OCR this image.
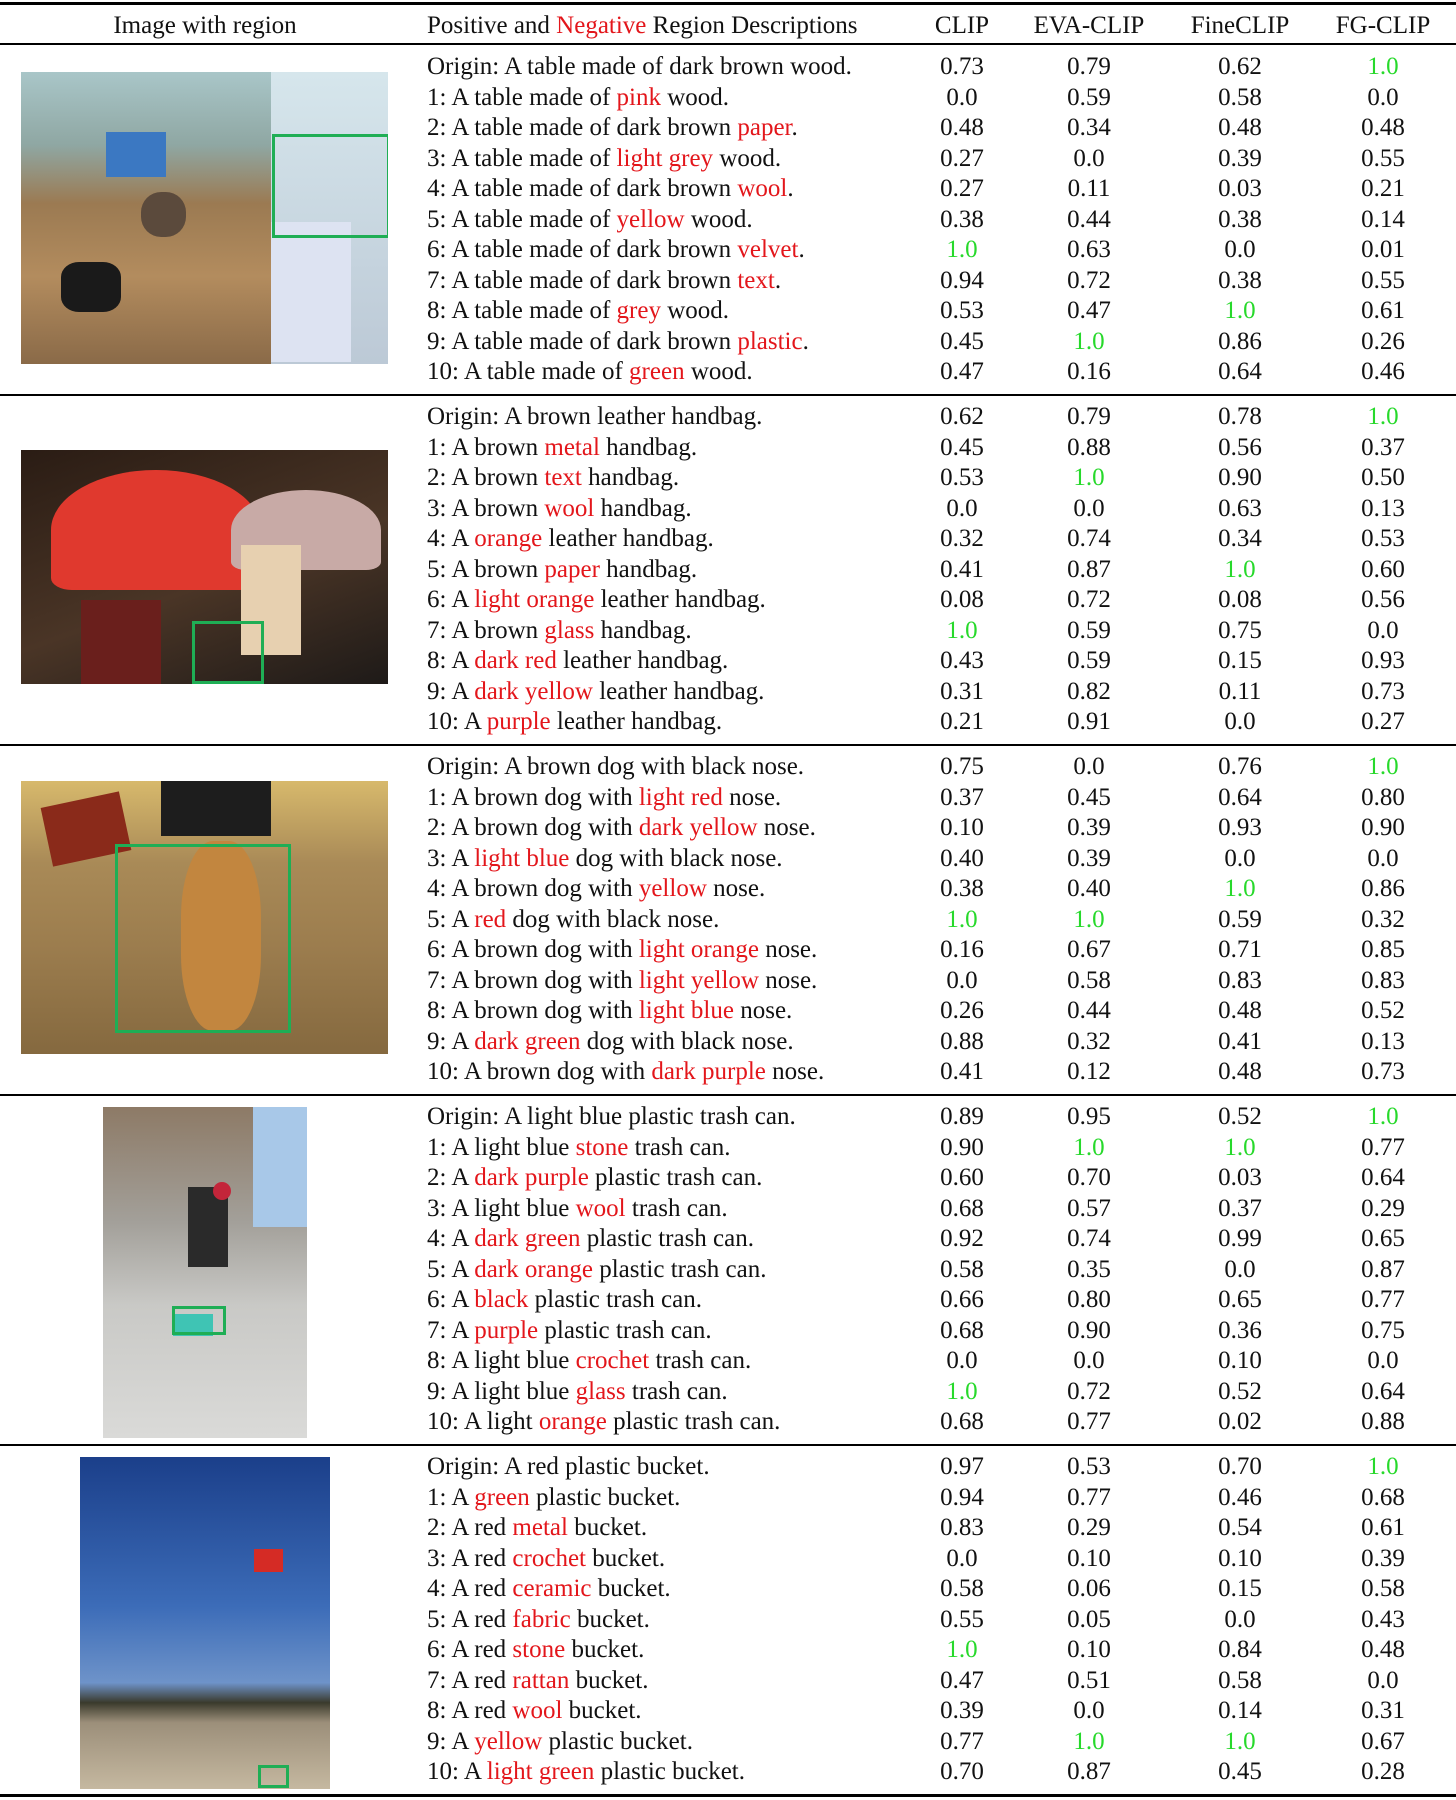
Image with region	Positive and Negative Region Descriptions	CLIP EVA-CLIP FineCLIP FG-CLIP
Origin: A table made of dark brown wood.	0.73	0.79	0.62	1.0
1: A table made of pink wood.	0.0	0.59	0.58	0.0
2: A table made of dark brown paper.	0.48	0.34	0.48	0.48
3: A table made of light grey wood.	0.27	0.0	0.39	0.55
4: A table made of dark brown wool.	0.27	0.11	0.03	0.21
5: A table made of yellow wood.	0.38	0.44	0.38	0.14
6: A table made of dark brown velvet.	1.0	0.63	0.0	0.01
7: A table made of dark brown text.	0.94	0.72	0.38	0.55
8: A table made of grey wood.	0.53	0.47	1.0	0.61
9: A table made of dark brown plastic.	0.45	1.0	0.86	0.26
10: A table made of green wood.	0.47	0.16	0.64	0.46
Origin: A brown leather handbag.	0.62	0.79	0.78	1.0
1: A brown metal handbag.	0.45	0.88	0.56	0.37
2: A brown text handbag.	0.53	1.0	0.90	0.50
3: A brown wool handbag.	0.0	0.0	0.63	0.13
4: A orange leather handbag.	0.32	0.74	0.34	0.53
5: A brown paper handbag.	0.41	0.87	1.0	0.60
6: A light orange leather handbag.	0.08	0.72	0.08	0.56
7: A brown glass handbag.	1.0	0.59	0.75	0.0
8: A dark red leather handbag.	0.43	0.59	0.15	0.93
9: A dark yellow leather handbag.	0.31	0.82	0.11	0.73
10: A purple leather handbag.	0.21	0.91	0.0	0.27
Origin: A brown dog with black nose.	0.75	0.0	0.76	1.0
1: A brown dog with light red nose.	0.37	0.45	0.64	0.80
2: A brown dog with dark yellow nose.	0.10	0.39	0.93	0.90
3: A light blue dog with black nose.	0.40	0.39	0.0	0.0
4: A brown dog with yellow nose.	0.38	0.40	1.0	0.86
5: A red dog with black nose.	1.0	1.0	0.59	0.32
6: A brown dog with light orange nose.	0.16	0.67	0.71	0.85
7: A brown dog with light yellow nose.	0.0	0.58	0.83	0.83
8: A brown dog with light blue nose.	0.26	0.44	0.48	0.52
9: A dark green dog with black nose.	0.88	0.32	0.41	0.13
10: A brown dog with dark purple nose.	0.41	0.12	0.48	0.73
Origin: A light blue plastic trash can.	0.89	0.95	0.52	1.0
1: A light blue stone trash can.	0.90	1.0	1.0	0.77
2: A dark purple plastic trash can.	0.60	0.70	0.03	0.64
3: A light blue wool trash can.	0.68	0.57	0.37	0.29
4: A dark green plastic trash can.	0.92	0.74	0.99	0.65
5: A dark orange plastic trash can.	0.58	0.35	0.0	0.87
6: A black plastic trash can.	0.66	0.80	0.65	0.77
7: A purple plastic trash can.	0.68	0.90	0.36	0.75
8: A light blue crochet trash can.	0.0	0.0	0.10	0.0
9: A light blue glass trash can.	1.0	0.72	0.52	0.64
10: A light orange plastic trash can.	0.68	0.77	0.02	0.88
Origin: A red plastic bucket.	0.97	0.53	0.70	1.0
1: A green plastic bucket.	0.94	0.77	0.46	0.68
2: A red metal bucket.	0.83	0.29	0.54	0.61
3: A red crochet bucket.	0.0	0.10	0.10	0.39
4: A red ceramic bucket.	0.58	0.06	0.15	0.58
5: A red fabric bucket.	0.55	0.05	0.0	0.43
6: A red stone bucket.	1.0	0.10	0.84	0.48
7: A red rattan bucket.	0.47	0.51	0.58	0.0
8: A red wool bucket.	0.39	0.0	0.14	0.31
9: A yellow plastic bucket.	0.77	1.0	1.0	0.67
10: A light green plastic bucket.	0.70	0.87	0.45	0.28
